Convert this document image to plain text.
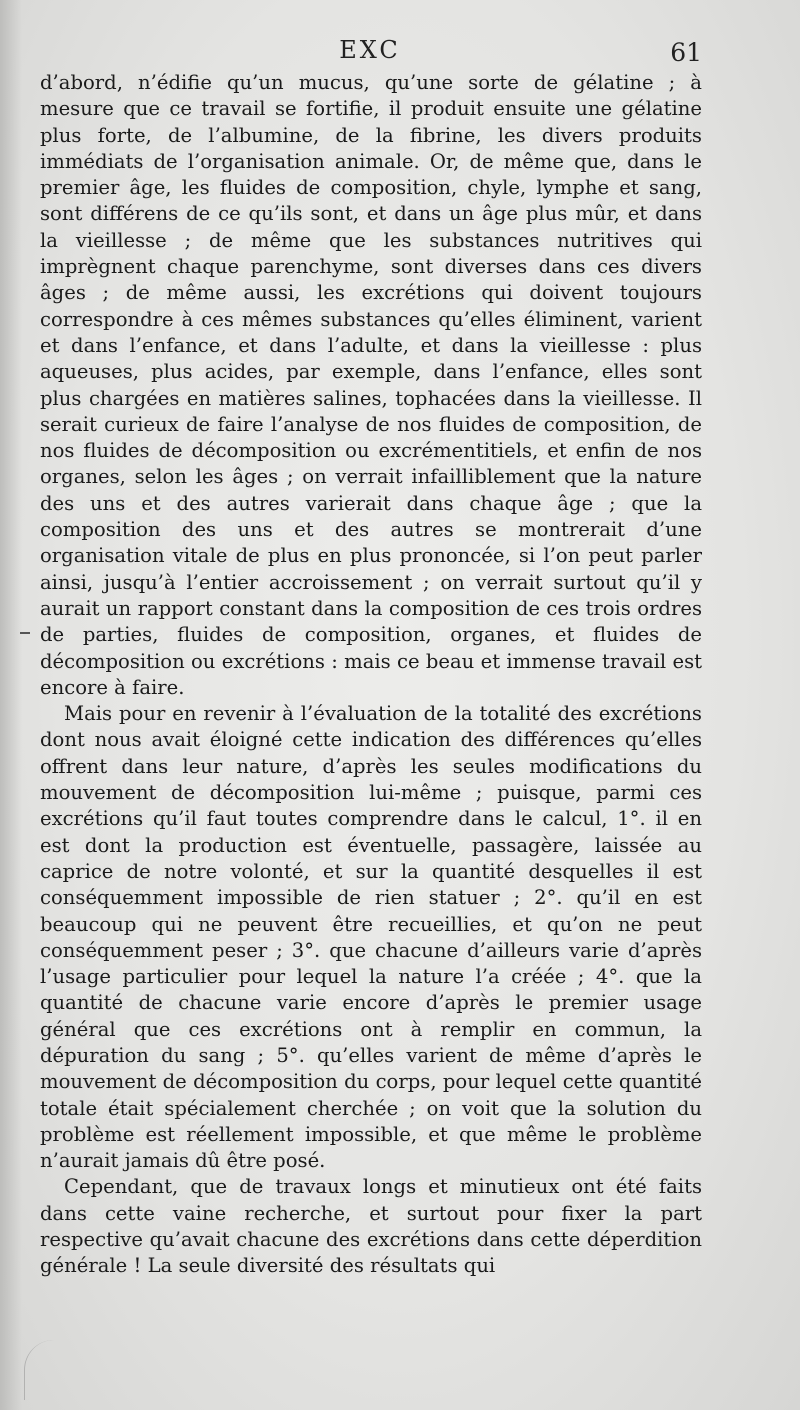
EXC	61

d’abord, n’édifie qu’un mucus, qu’une sorte de gélatine ; à mesure que ce travail se fortifie, il produit ensuite une gélatine plus forte, de l’albumine, de la fibrine, les divers produits immédiats de l’organisation animale. Or, de même que, dans le premier âge, les fluides de composition, chyle, lymphe et sang, sont différens de ce qu’ils sont, et dans un âge plus mûr, et dans la vieillesse ; de même que les substances nutritives qui imprègnent chaque parenchyme, sont diverses dans ces divers âges ; de même aussi, les excrétions qui doivent toujours correspondre à ces mêmes substances qu’elles éliminent, varient et dans l’enfance, et dans l’adulte, et dans la vieillesse : plus aqueuses, plus acides, par exemple, dans l’enfance, elles sont plus chargées en matières salines, tophacées dans la vieillesse. Il serait curieux de faire l’analyse de nos fluides de composition, de nos fluides de décomposition ou excrémentitiels, et enfin de nos organes, selon les âges ; on verrait infailliblement que la nature des uns et des autres varierait dans chaque âge ; que la composition des uns et des autres se montrerait d’une organisation vitale de plus en plus prononcée, si l’on peut parler ainsi, jusqu’à l’entier accroissement ; on verrait surtout qu’il y aurait un rapport constant dans la composition de ces trois ordres de parties, fluides de composition, organes, et fluides de décomposition ou excrétions : mais ce beau et immense travail est encore à faire.

Mais pour en revenir à l’évaluation de la totalité des excrétions dont nous avait éloigné cette indication des différences qu’elles offrent dans leur nature, d’après les seules modifications du mouvement de décomposition lui-même ; puisque, parmi ces excrétions qu’il faut toutes comprendre dans le calcul, 1°. il en est dont la production est éventuelle, passagère, laissée au caprice de notre volonté, et sur la quantité desquelles il est conséquemment impossible de rien statuer ; 2°. qu’il en est beaucoup qui ne peuvent être recueillies, et qu’on ne peut conséquemment peser ; 3°. que chacune d’ailleurs varie d’après l’usage particulier pour lequel la nature l’a créée ; 4°. que la quantité de chacune varie encore d’après le premier usage général que ces excrétions ont à remplir en commun, la dépuration du sang ; 5°. qu’elles varient de même d’après le mouvement de décomposition du corps, pour lequel cette quantité totale était spécialement cherchée ; on voit que la solution du problème est réellement impossible, et que même le problème n’aurait jamais dû être posé.

Cependant, que de travaux longs et minutieux ont été faits dans cette vaine recherche, et surtout pour fixer la part respective qu’avait chacune des excrétions dans cette déperdition générale ! La seule diversité des résultats qui
